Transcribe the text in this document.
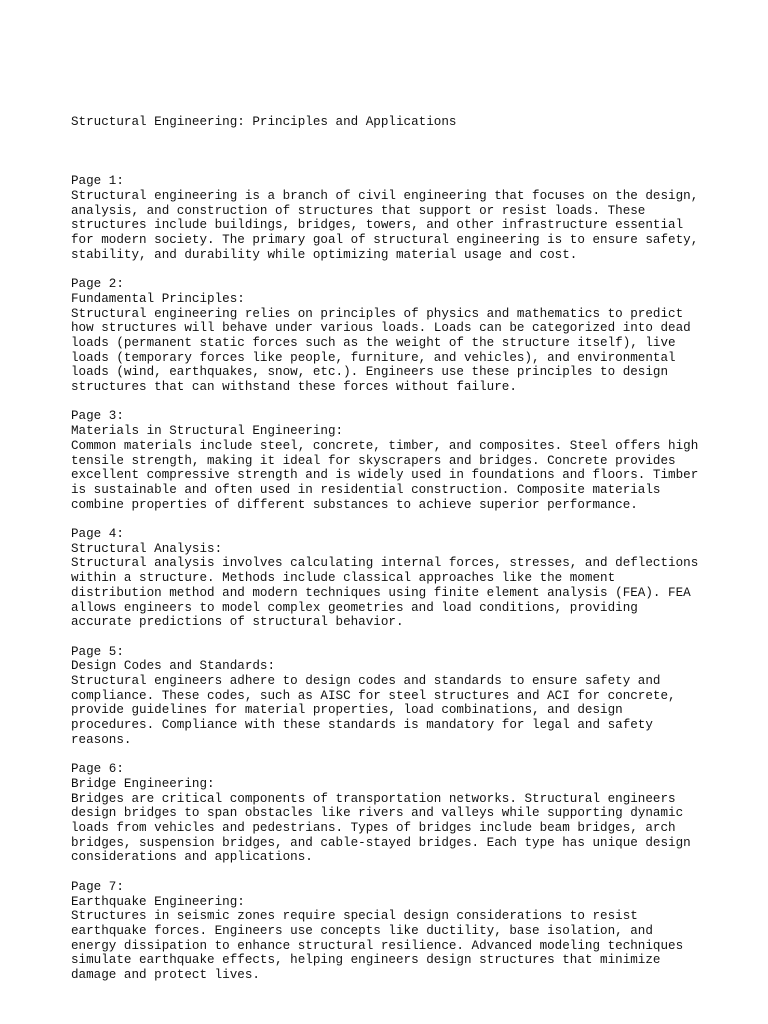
Structural Engineering: Principles and Applications

Page 1:
Structural engineering is a branch of civil engineering that focuses on the design,
analysis, and construction of structures that support or resist loads. These
structures include buildings, bridges, towers, and other infrastructure essential
for modern society. The primary goal of structural engineering is to ensure safety,
stability, and durability while optimizing material usage and cost.
Page 2:
Fundamental Principles:
Structural engineering relies on principles of physics and mathematics to predict
how structures will behave under various loads. Loads can be categorized into dead
loads (permanent static forces such as the weight of the structure itself), live
loads (temporary forces like people, furniture, and vehicles), and environmental
loads (wind, earthquakes, snow, etc.). Engineers use these principles to design
structures that can withstand these forces without failure.
Page 3:
Materials in Structural Engineering:
Common materials include steel, concrete, timber, and composites. Steel offers high
tensile strength, making it ideal for skyscrapers and bridges. Concrete provides
excellent compressive strength and is widely used in foundations and floors. Timber
is sustainable and often used in residential construction. Composite materials
combine properties of different substances to achieve superior performance.
Page 4:
Structural Analysis:
Structural analysis involves calculating internal forces, stresses, and deflections
within a structure. Methods include classical approaches like the moment
distribution method and modern techniques using finite element analysis (FEA). FEA
allows engineers to model complex geometries and load conditions, providing
accurate predictions of structural behavior.
Page 5:
Design Codes and Standards:
Structural engineers adhere to design codes and standards to ensure safety and
compliance. These codes, such as AISC for steel structures and ACI for concrete,
provide guidelines for material properties, load combinations, and design
procedures. Compliance with these standards is mandatory for legal and safety
reasons.
Page 6:
Bridge Engineering:
Bridges are critical components of transportation networks. Structural engineers
design bridges to span obstacles like rivers and valleys while supporting dynamic
loads from vehicles and pedestrians. Types of bridges include beam bridges, arch
bridges, suspension bridges, and cable-stayed bridges. Each type has unique design
considerations and applications.
Page 7:
Earthquake Engineering:
Structures in seismic zones require special design considerations to resist
earthquake forces. Engineers use concepts like ductility, base isolation, and
energy dissipation to enhance structural resilience. Advanced modeling techniques
simulate earthquake effects, helping engineers design structures that minimize
damage and protect lives.
